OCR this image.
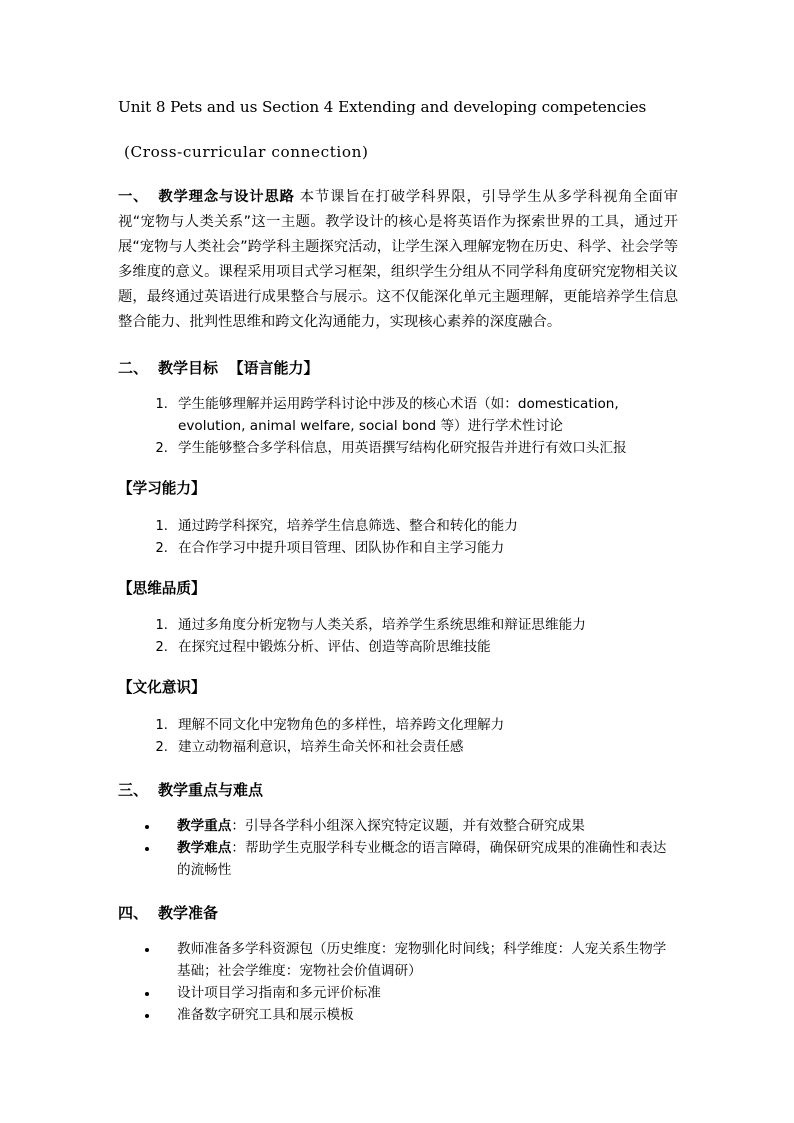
Unit 8 Pets and us Section 4 Extending and developing competencies
(Cross-curricular connection)

一、 教学理念与设计思路 本节课旨在打破学科界限，引导学生从多学科视角全面审视“宠物与人类关系”这一主题。教学设计的核心是将英语作为探索世界的工具，通过开展“宠物与人类社会”跨学科主题探究活动，让学生深入理解宠物在历史、科学、社会学等多维度的意义。课程采用项目式学习框架，组织学生分组从不同学科角度研究宠物相关议题，最终通过英语进行成果整合与展示。这不仅能深化单元主题理解，更能培养学生信息整合能力、批判性思维和跨文化沟通能力，实现核心素养的深度融合。

二、 教学目标 【语言能力】
1. 学生能够理解并运用跨学科讨论中涉及的核心术语（如：domestication, evolution, animal welfare, social bond 等）进行学术性讨论
2. 学生能够整合多学科信息，用英语撰写结构化研究报告并进行有效口头汇报
【学习能力】
1. 通过跨学科探究，培养学生信息筛选、整合和转化的能力
2. 在合作学习中提升项目管理、团队协作和自主学习能力
【思维品质】
1. 通过多角度分析宠物与人类关系，培养学生系统思维和辩证思维能力
2. 在探究过程中锻炼分析、评估、创造等高阶思维技能
【文化意识】
1. 理解不同文化中宠物角色的多样性，培养跨文化理解力
2. 建立动物福利意识，培养生命关怀和社会责任感
三、 教学重点与难点
• 教学重点：引导各学科小组深入探究特定议题，并有效整合研究成果
• 教学难点：帮助学生克服学科专业概念的语言障碍，确保研究成果的准确性和表达的流畅性
四、 教学准备
• 教师准备多学科资源包（历史维度：宠物驯化时间线；科学维度：人宠关系生物学基础；社会学维度：宠物社会价值调研）
• 设计项目学习指南和多元评价标准
• 准备数字研究工具和展示模板
